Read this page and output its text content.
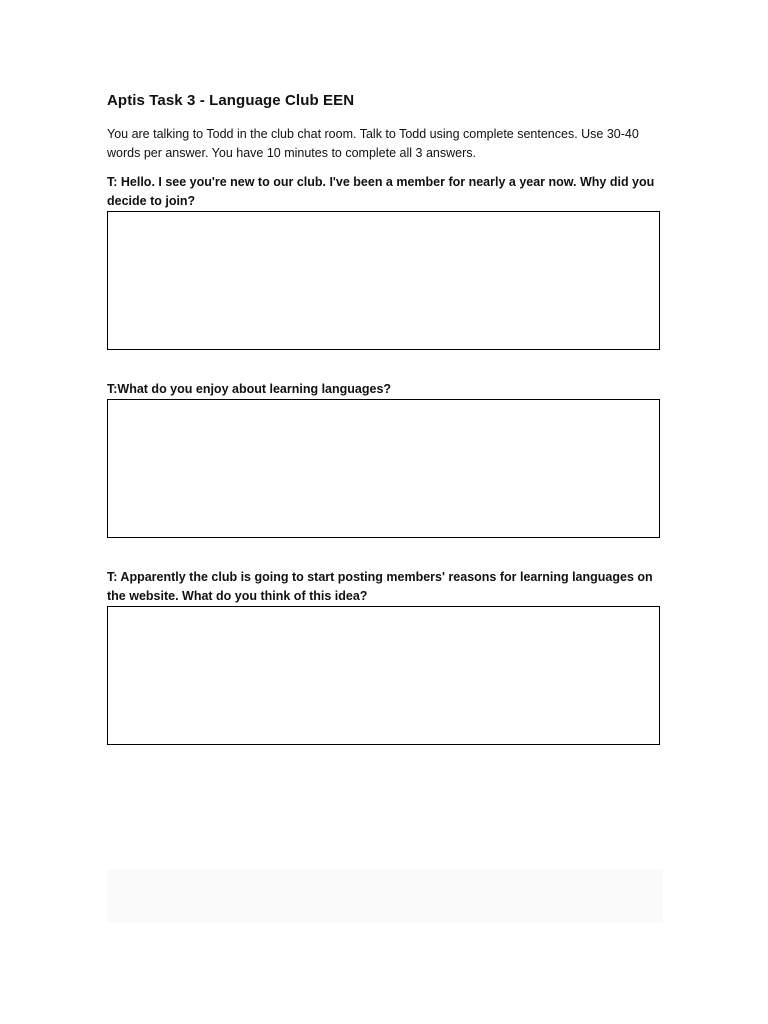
Aptis Task 3 - Language Club EEN
You are talking to Todd in the club chat room. Talk to Todd using complete sentences. Use 30-40 words per answer. You have 10 minutes to complete all 3 answers.
T: Hello. I see you're new to our club. I've been a member for nearly a year now. Why did you decide to join?
T:What do you enjoy about learning languages?
T: Apparently the club is going to start posting members' reasons for learning languages on the website. What do you think of this idea?
